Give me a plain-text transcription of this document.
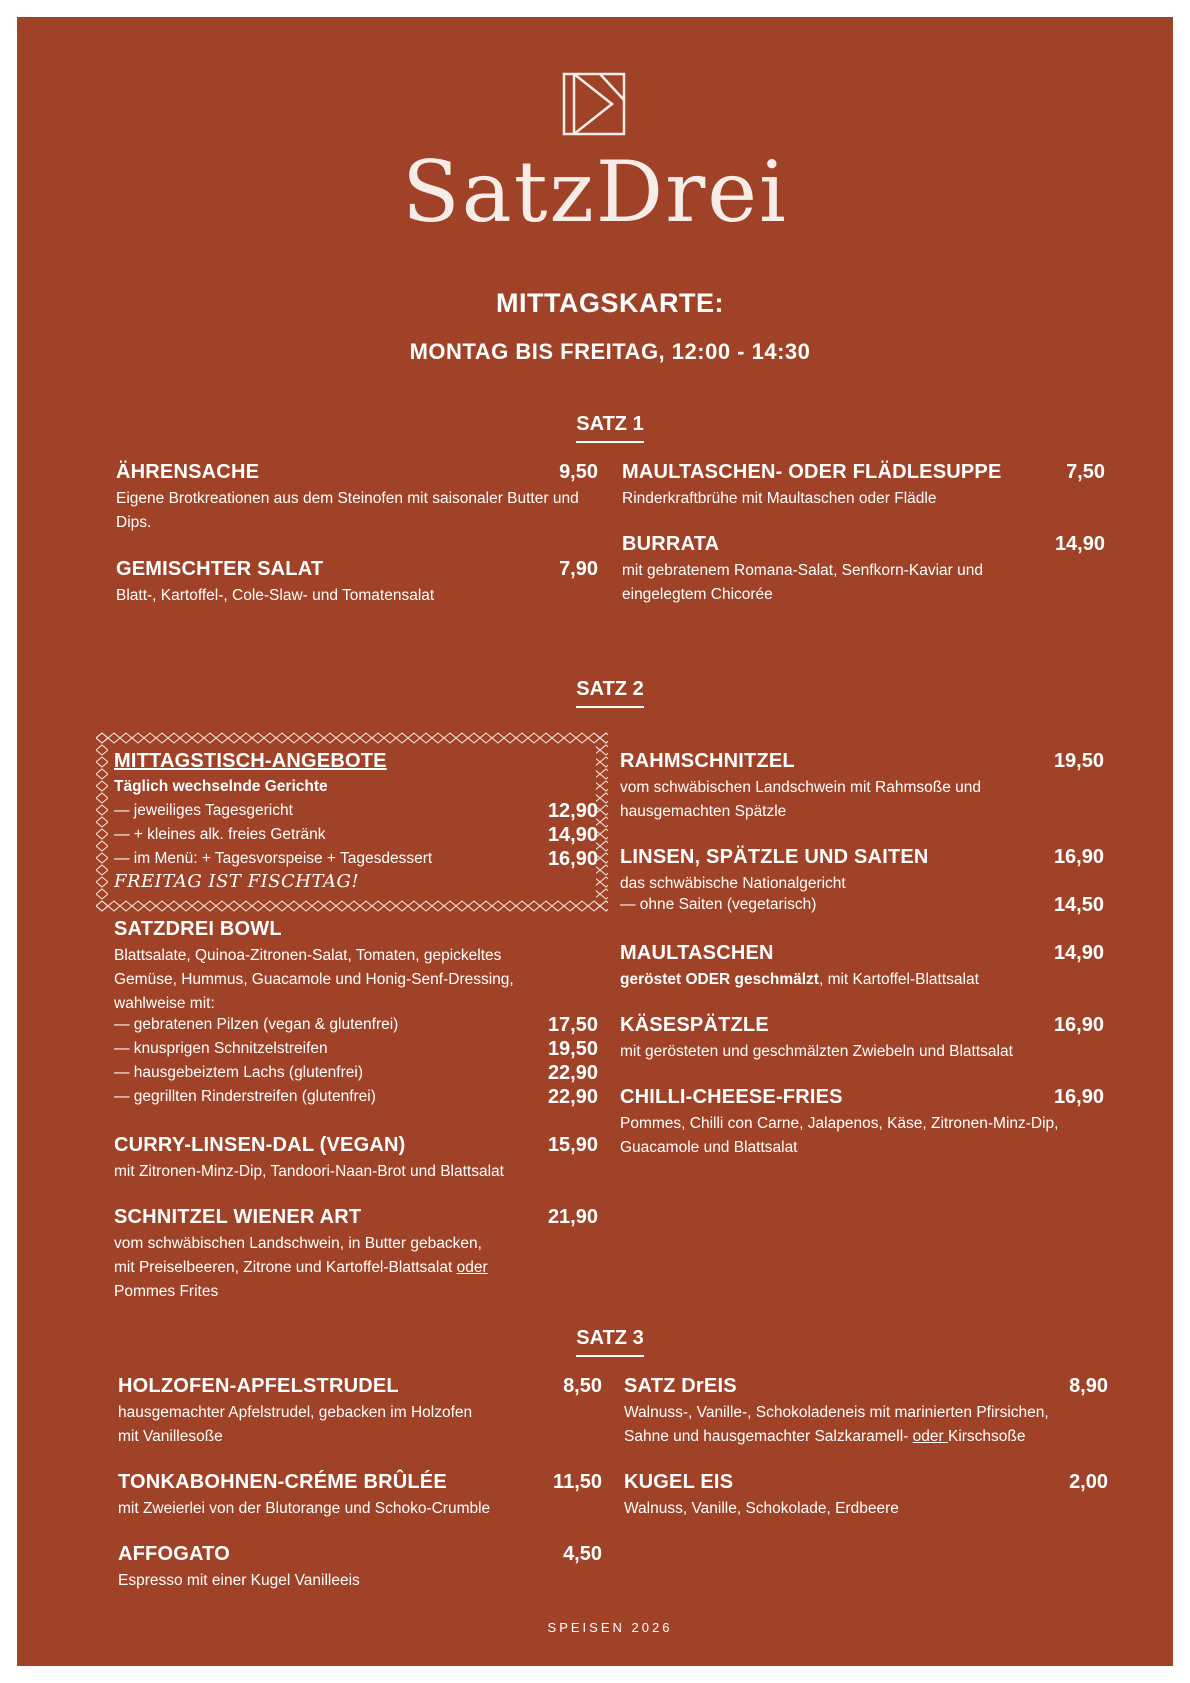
SatzDrei
MITTAGSKARTE:
MONTAG BIS FREITAG, 12:00 - 14:30
SATZ 1
ÄHRENSACHE	9,50
Eigene Brotkreationen aus dem Steinofen mit saisonaler Butter und Dips.
GEMISCHTER SALAT	7,90
Blatt-, Kartoffel-, Cole-Slaw- und Tomatensalat
MAULTASCHEN- ODER FLÄDLESUPPE	7,50
Rinderkraftbrühe mit Maultaschen oder Flädle
BURRATA	14,90
mit gebratenem Romana-Salat, Senfkorn-Kaviar und eingelegtem Chicorée
SATZ 2
MITTAGSTISCH-ANGEBOTE
Täglich wechselnde Gerichte
— jeweiliges Tagesgericht	12,90
— + kleines alk. freies Getränk	14,90
— im Menü: + Tagesvorspeise + Tagesdessert	16,90
FREITAG IST FISCHTAG!
SATZDREI BOWL
Blattsalate, Quinoa-Zitronen-Salat, Tomaten, gepickeltes
Gemüse, Hummus, Guacamole und Honig-Senf-Dressing,
wahlweise mit:
— gebratenen Pilzen (vegan & glutenfrei)	17,50
— knusprigen Schnitzelstreifen	19,50
— hausgebeiztem Lachs (glutenfrei)	22,90
— gegrillten Rinderstreifen (glutenfrei)	22,90
CURRY-LINSEN-DAL (VEGAN)	15,90
mit Zitronen-Minz-Dip, Tandoori-Naan-Brot und Blattsalat
SCHNITZEL WIENER ART	21,90
vom schwäbischen Landschwein, in Butter gebacken,
mit Preiselbeeren, Zitrone und Kartoffel-Blattsalat oder
Pommes Frites
RAHMSCHNITZEL	19,50
vom schwäbischen Landschwein mit Rahmsoße und hausgemachten Spätzle
LINSEN, SPÄTZLE UND SAITEN	16,90
das schwäbische Nationalgericht
— ohne Saiten (vegetarisch)	14,50
MAULTASCHEN	14,90
geröstet ODER geschmälzt, mit Kartoffel-Blattsalat
KÄSESPÄTZLE	16,90
mit gerösteten und geschmälzten Zwiebeln und Blattsalat
CHILLI-CHEESE-FRIES	16,90
Pommes, Chilli con Carne, Jalapenos, Käse, Zitronen-Minz-Dip, Guacamole und Blattsalat
SATZ 3
HOLZOFEN-APFELSTRUDEL	8,50
hausgemachter Apfelstrudel, gebacken im Holzofen
mit Vanillesoße
TONKABOHNEN-CRÉME BRÛLÉE	11,50
mit Zweierlei von der Blutorange und Schoko-Crumble
AFFOGATO	4,50
Espresso mit einer Kugel Vanilleeis
SATZ DrEIS	8,90
Walnuss-, Vanille-, Schokoladeneis mit marinierten Pfirsichen,
Sahne und hausgemachter Salzkaramell- oder Kirschsoße
KUGEL EIS	2,00
Walnuss, Vanille, Schokolade, Erdbeere
SPEISEN 2026
